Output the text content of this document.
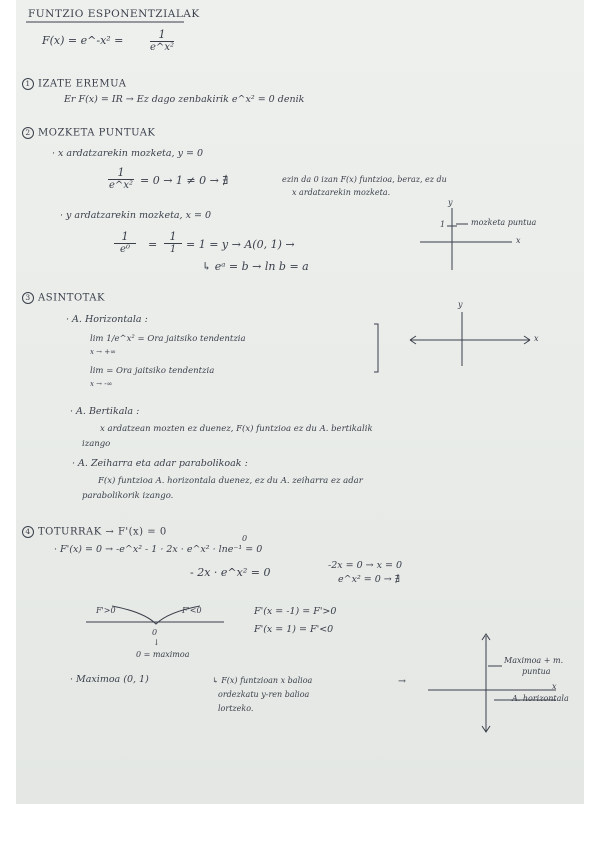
FUNTZIO ESPONENTZIALAK
F(x) = e^-x² = $\frac{1}{\text{e\textasciicircum{}x²}}$
1 IZATE EREMUA
Er F(x) = IR → Ez dago zenbakirik e^x² = 0 denik
2 MOZKETA PUNTUAK
· x ardatzarekin mozketa, y = 0
$\frac{1}{\text{e\textasciicircum{}x²}} = 0 \to 1 \ne 0$ → ∄	ezin da 0 izan F(x) funtzioa, beraz, ez du
x ardatzarekin mozketa.
· y ardatzarekin mozketa, x = 0
$\frac{1}{\text{e⁰}} = \frac{1}{1} = 1 = y \to A(0$, 1) →
↳ eᵃ = b → ln b = a
mozketa puntua
1
x
y
3 ASINTOTAK
· A. Horizontala :
lim 1/e^x² = Ora jaitsiko tendentzia
x → +∞
lim = Ora jaitsiko tendentzia
x → -∞
x
y
· A. Bertikala :
x ardatzean mozten ez duenez, F(x) funtzioa ez du A. bertikalik
izango
· A. Zeiharra eta adar parabolikoak :
F(x) funtzioa A. horizontala duenez, ez du A. zeiharra ez adar
parabolikorik izango.
4 TOTURRAK → F'(x) = 0
0
· F'(x) = 0 → -e^x² - 1 · 2x · e^x² · lne⁻¹ = 0
- 2x · e^x² = 0
-2x = 0 → x = 0
e^x² = 0 → ∄
F'>0	F'<0
0
↓
0 = maximoa
F'(x = -1) = F'>0
F'(x = 1) = F'<0
· Maximoa (0, 1)	↳ F(x) funtzioan x balioa
ordezkatu y-ren balioa
lortzeko.
→
Maximoa + m.
puntua
x
A. horizontala
